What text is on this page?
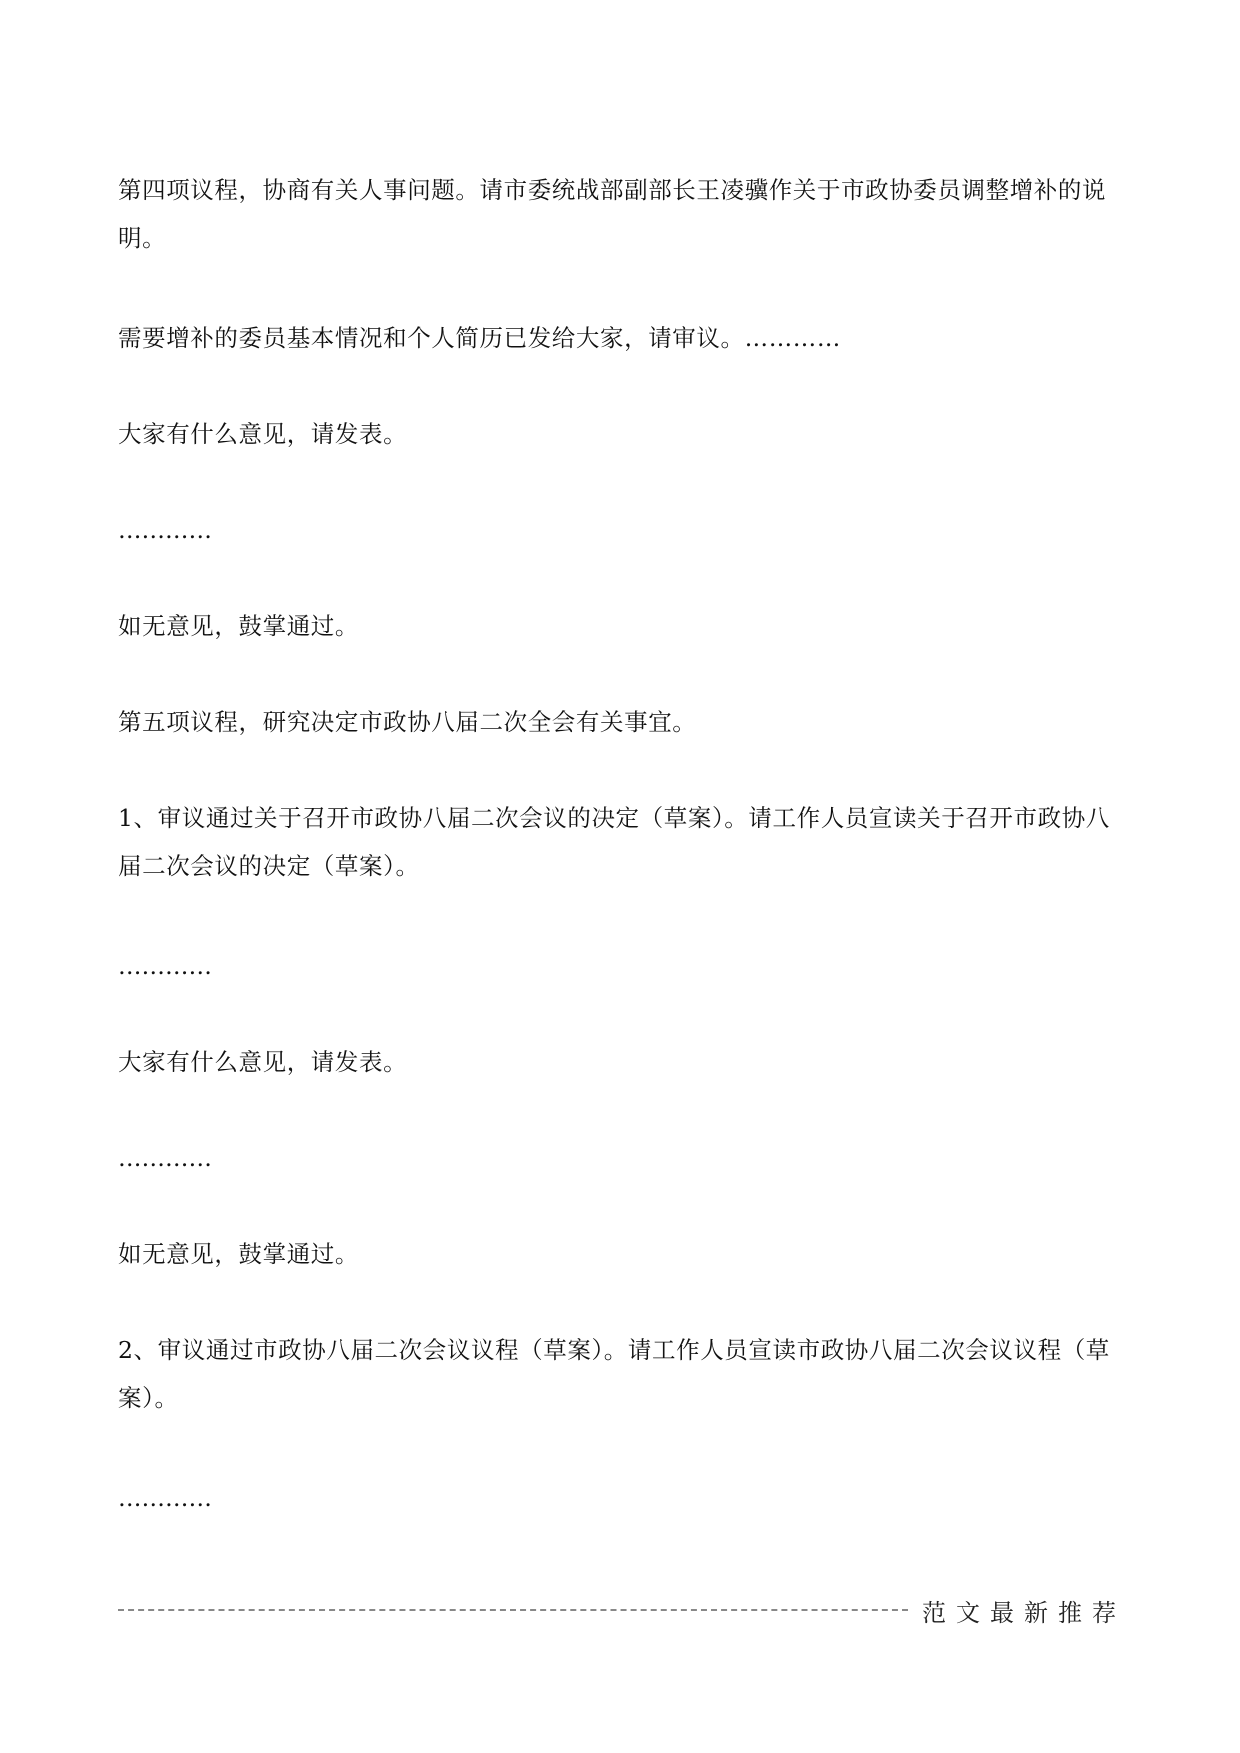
第四项议程，协商有关人事问题。请市委统战部副部长王凌骥作关于市政协委员调整增补的说明。

需要增补的委员基本情况和个人简历已发给大家，请审议。…………

大家有什么意见，请发表。

…………

如无意见，鼓掌通过。

第五项议程，研究决定市政协八届二次全会有关事宜。

1、审议通过关于召开市政协八届二次会议的决定（草案）。请工作人员宣读关于召开市政协八届二次会议的决定（草案）。

…………

大家有什么意见，请发表。

…………

如无意见，鼓掌通过。

2、审议通过市政协八届二次会议议程（草案）。请工作人员宣读市政协八届二次会议议程（草案）。

…………

范文最新推荐
